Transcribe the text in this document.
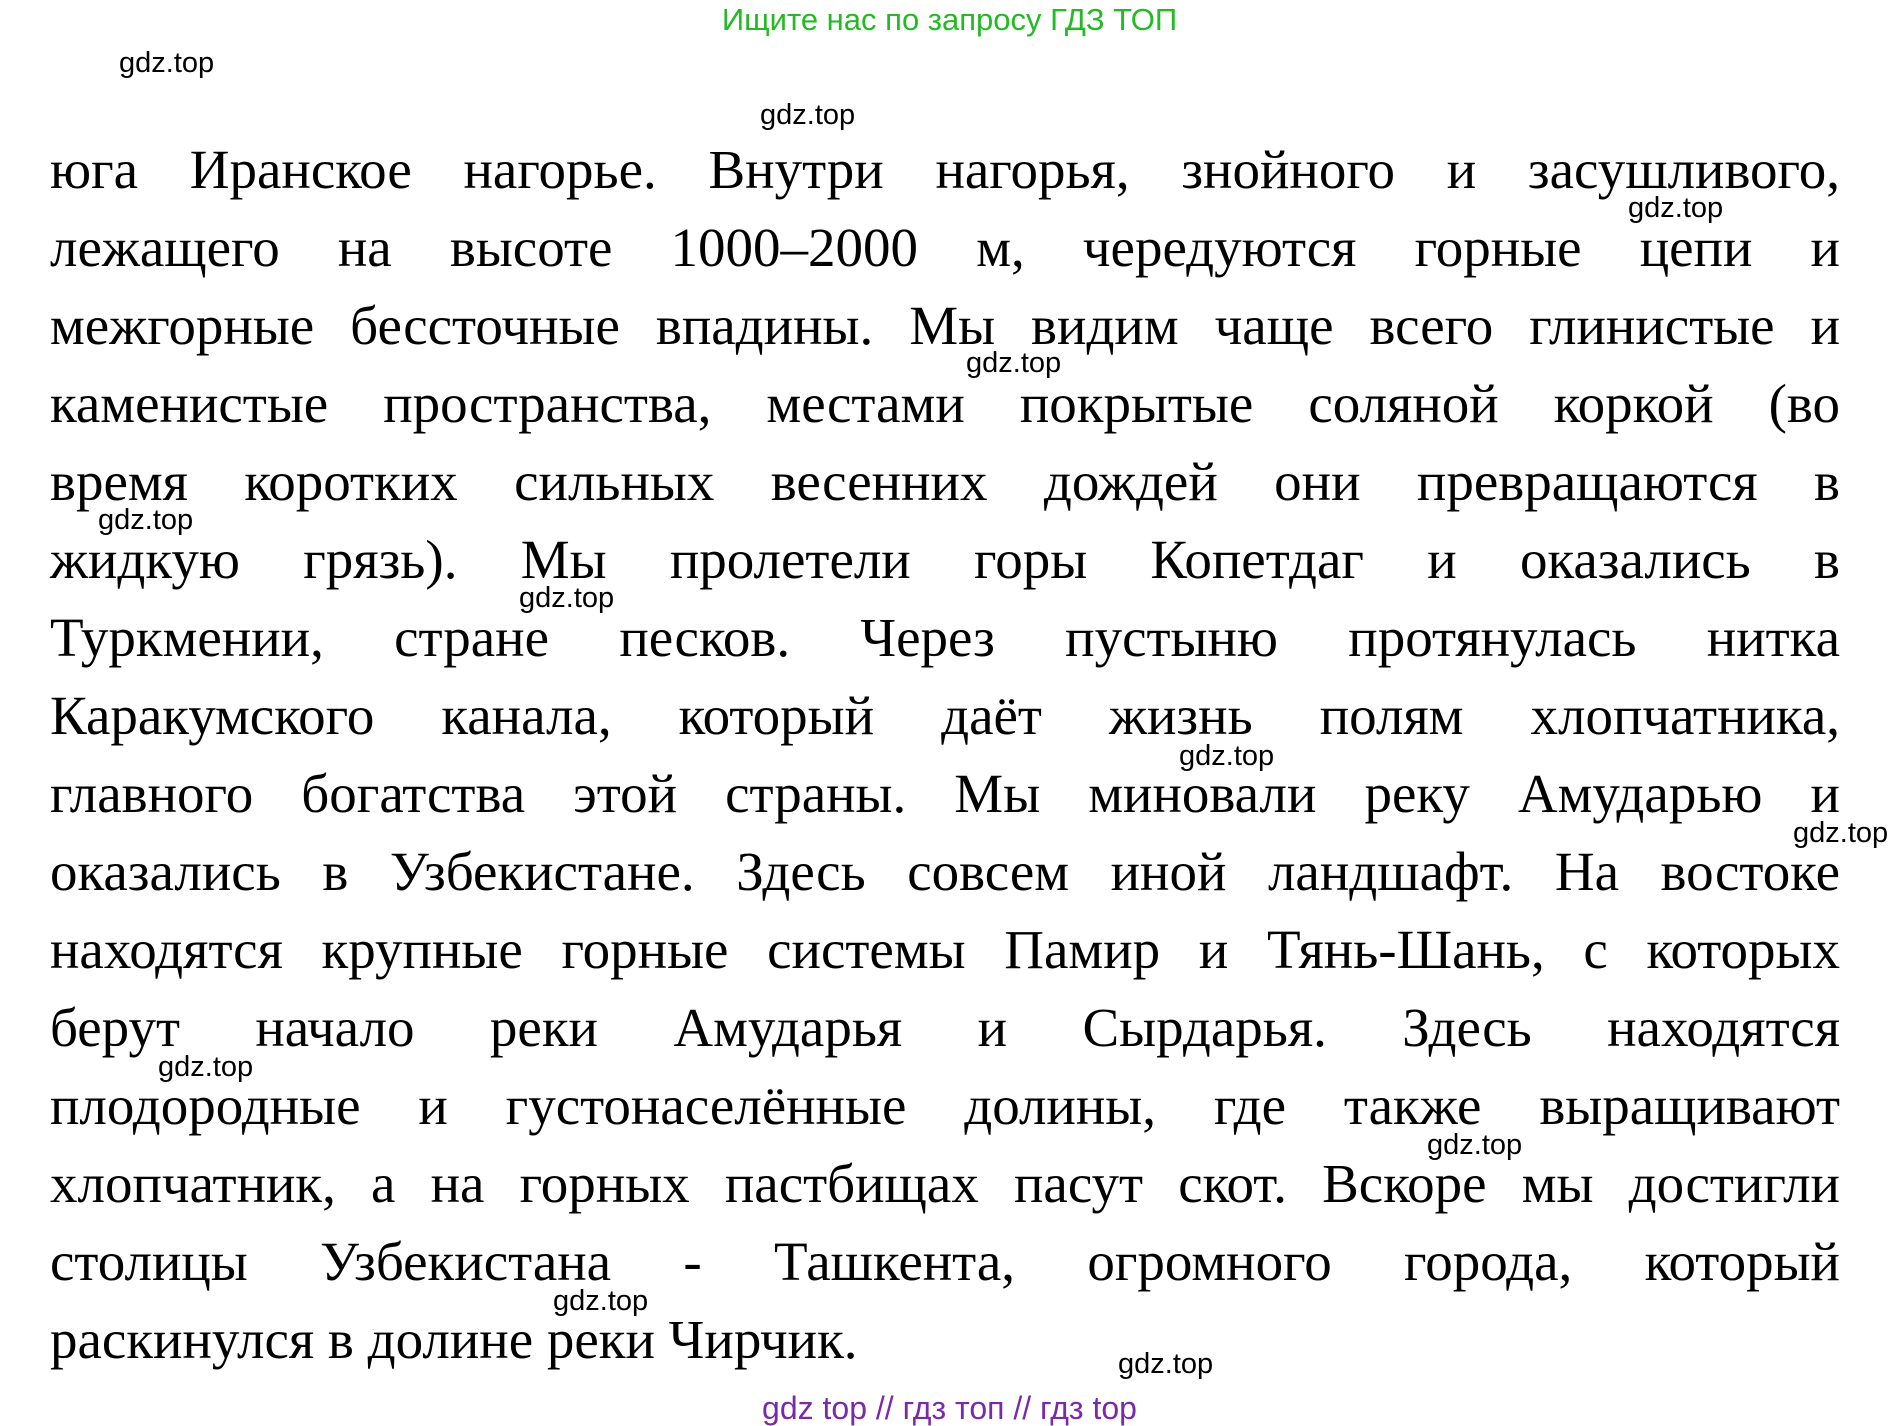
Ищите нас по запросу ГДЗ ТОП
юга Иранское нагорье. Внутри нагорья, знойного и засушливого,
лежащего на высоте 1000–2000 м, чередуются горные цепи и
межгорные бессточные впадины. Мы видим чаще всего глинистые и
каменистые пространства, местами покрытые соляной коркой (во
время коротких сильных весенних дождей они превращаются в
жидкую грязь). Мы пролетели горы Копетдаг и оказались в
Туркмении, стране песков. Через пустыню протянулась нитка
Каракумского канала, который даёт жизнь полям хлопчатника,
главного богатства этой страны. Мы миновали реку Амударью и
оказались в Узбекистане. Здесь совсем иной ландшафт. На востоке
находятся крупные горные системы Памир и Тянь-Шань, с которых
берут начало реки Амударья и Сырдарья. Здесь находятся
плодородные и густонаселённые долины, где также выращивают
хлопчатник, а на горных пастбищах пасут скот. Вскоре мы достигли
столицы Узбекистана - Ташкента, огромного города, который
раскинулся в долине реки Чирчик.
gdz.top
gdz.top
gdz.top
gdz.top
gdz.top
gdz.top
gdz.top
gdz.top
gdz.top
gdz.top
gdz.top
gdz.top
gdz top // гдз топ // гдз top
